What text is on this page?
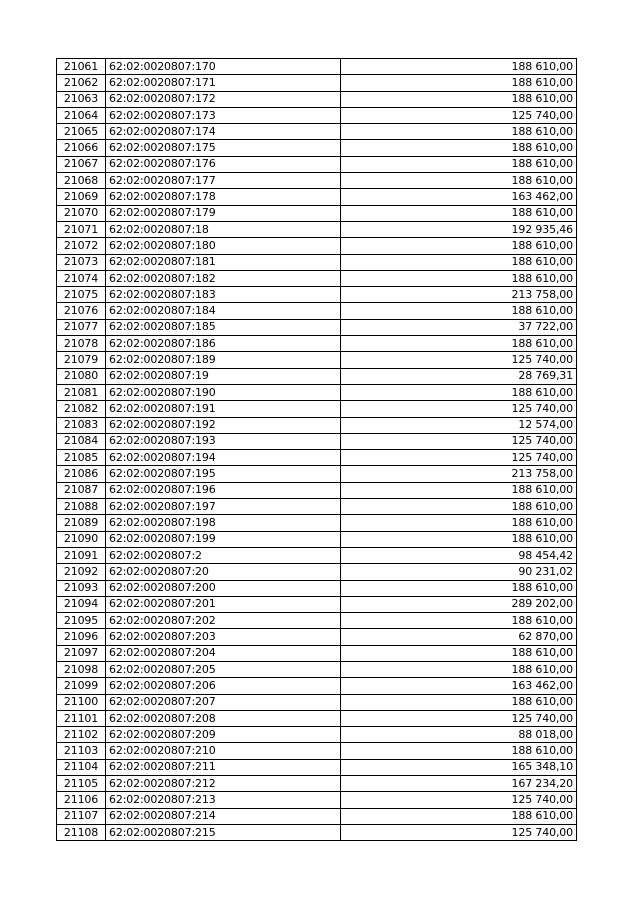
21061	62:02:0020807:170	188 610,00
21062	62:02:0020807:171	188 610,00
21063	62:02:0020807:172	188 610,00
21064	62:02:0020807:173	125 740,00
21065	62:02:0020807:174	188 610,00
21066	62:02:0020807:175	188 610,00
21067	62:02:0020807:176	188 610,00
21068	62:02:0020807:177	188 610,00
21069	62:02:0020807:178	163 462,00
21070	62:02:0020807:179	188 610,00
21071	62:02:0020807:18	192 935,46
21072	62:02:0020807:180	188 610,00
21073	62:02:0020807:181	188 610,00
21074	62:02:0020807:182	188 610,00
21075	62:02:0020807:183	213 758,00
21076	62:02:0020807:184	188 610,00
21077	62:02:0020807:185	37 722,00
21078	62:02:0020807:186	188 610,00
21079	62:02:0020807:189	125 740,00
21080	62:02:0020807:19	28 769,31
21081	62:02:0020807:190	188 610,00
21082	62:02:0020807:191	125 740,00
21083	62:02:0020807:192	12 574,00
21084	62:02:0020807:193	125 740,00
21085	62:02:0020807:194	125 740,00
21086	62:02:0020807:195	213 758,00
21087	62:02:0020807:196	188 610,00
21088	62:02:0020807:197	188 610,00
21089	62:02:0020807:198	188 610,00
21090	62:02:0020807:199	188 610,00
21091	62:02:0020807:2	98 454,42
21092	62:02:0020807:20	90 231,02
21093	62:02:0020807:200	188 610,00
21094	62:02:0020807:201	289 202,00
21095	62:02:0020807:202	188 610,00
21096	62:02:0020807:203	62 870,00
21097	62:02:0020807:204	188 610,00
21098	62:02:0020807:205	188 610,00
21099	62:02:0020807:206	163 462,00
21100	62:02:0020807:207	188 610,00
21101	62:02:0020807:208	125 740,00
21102	62:02:0020807:209	88 018,00
21103	62:02:0020807:210	188 610,00
21104	62:02:0020807:211	165 348,10
21105	62:02:0020807:212	167 234,20
21106	62:02:0020807:213	125 740,00
21107	62:02:0020807:214	188 610,00
21108	62:02:0020807:215	125 740,00
